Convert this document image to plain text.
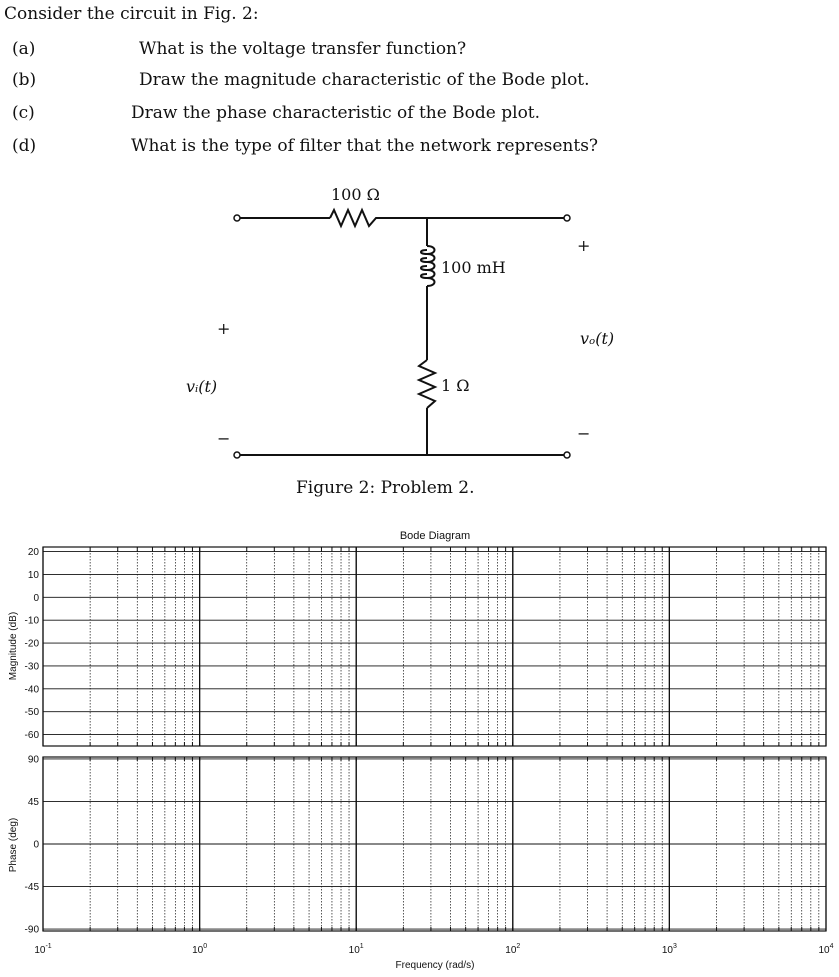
Consider the circuit in Fig. 2:
(a)	What is the voltage transfer function?
(b)	Draw the magnitude characteristic of the Bode plot.
(c)	Draw the phase characteristic of the Bode plot.
(d)	What is the type of filter that the network represents?
100 Ω
100 mH
1 Ω
vᵢ(t)
vₒ(t)
+
−
+
−
Figure 2: Problem 2.
Bode Diagram
20
10
0
-10
-20
-30
-40
-50
-60
90
45
0
-45
-90
$10^{-1}$	$10^0$	$10^1$	$10^2$	$10^3$	$10^4$
Magnitude (dB)
Phase (deg)
Frequency (rad/s)
